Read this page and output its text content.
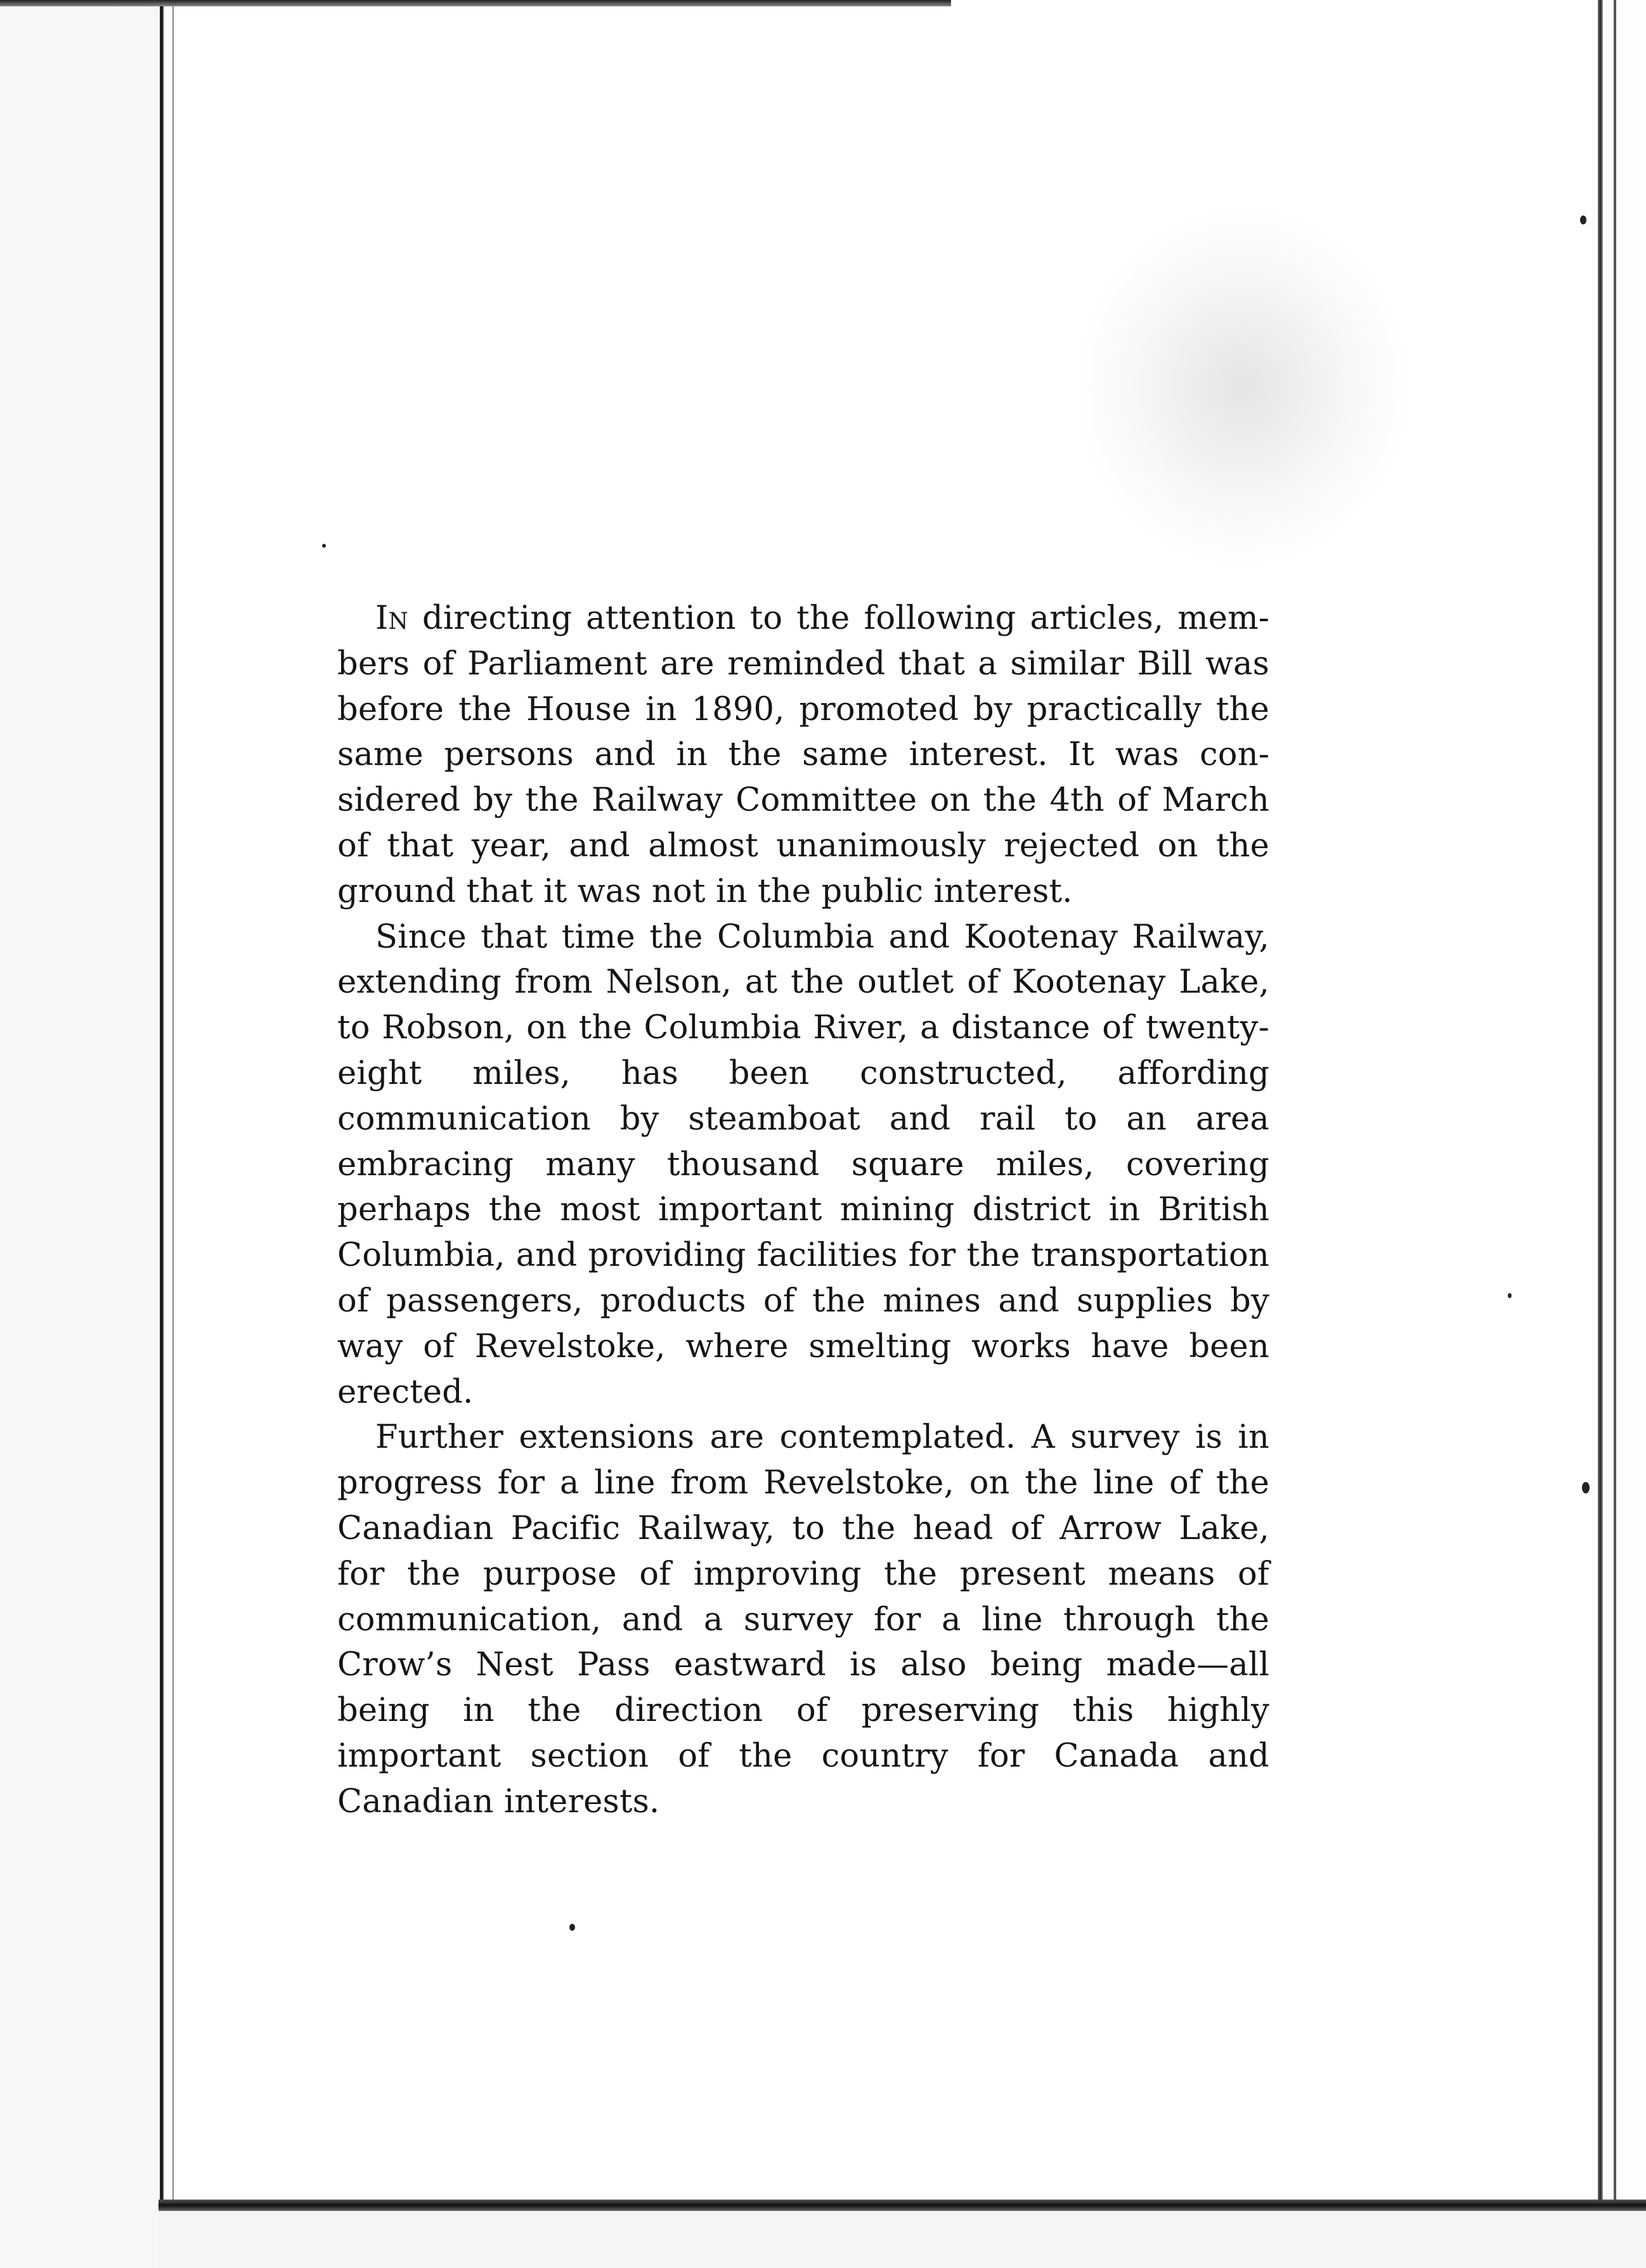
In directing attention to the following articles, members of Parliament are reminded that a similar Bill was before the House in 1890, promoted by practically the same persons and in the same interest. It was considered by the Railway Committee on the 4th of March of that year, and almost unanimously rejected on the ground that it was not in the public interest.

Since that time the Columbia and Kootenay Railway, extending from Nelson, at the outlet of Kootenay Lake, to Robson, on the Columbia River, a distance of twenty-eight miles, has been constructed, affording communication by steamboat and rail to an area embracing many thousand square miles, covering perhaps the most important mining district in British Columbia, and providing facilities for the transportation of passengers, products of the mines and supplies by way of Revelstoke, where smelting works have been erected.

Further extensions are contemplated. A survey is in progress for a line from Revelstoke, on the line of the Canadian Pacific Railway, to the head of Arrow Lake, for the purpose of improving the present means of communication, and a survey for a line through the Crow’s Nest Pass eastward is also being made—all being in the direction of preserving this highly important section of the country for Canada and Canadian interests.
